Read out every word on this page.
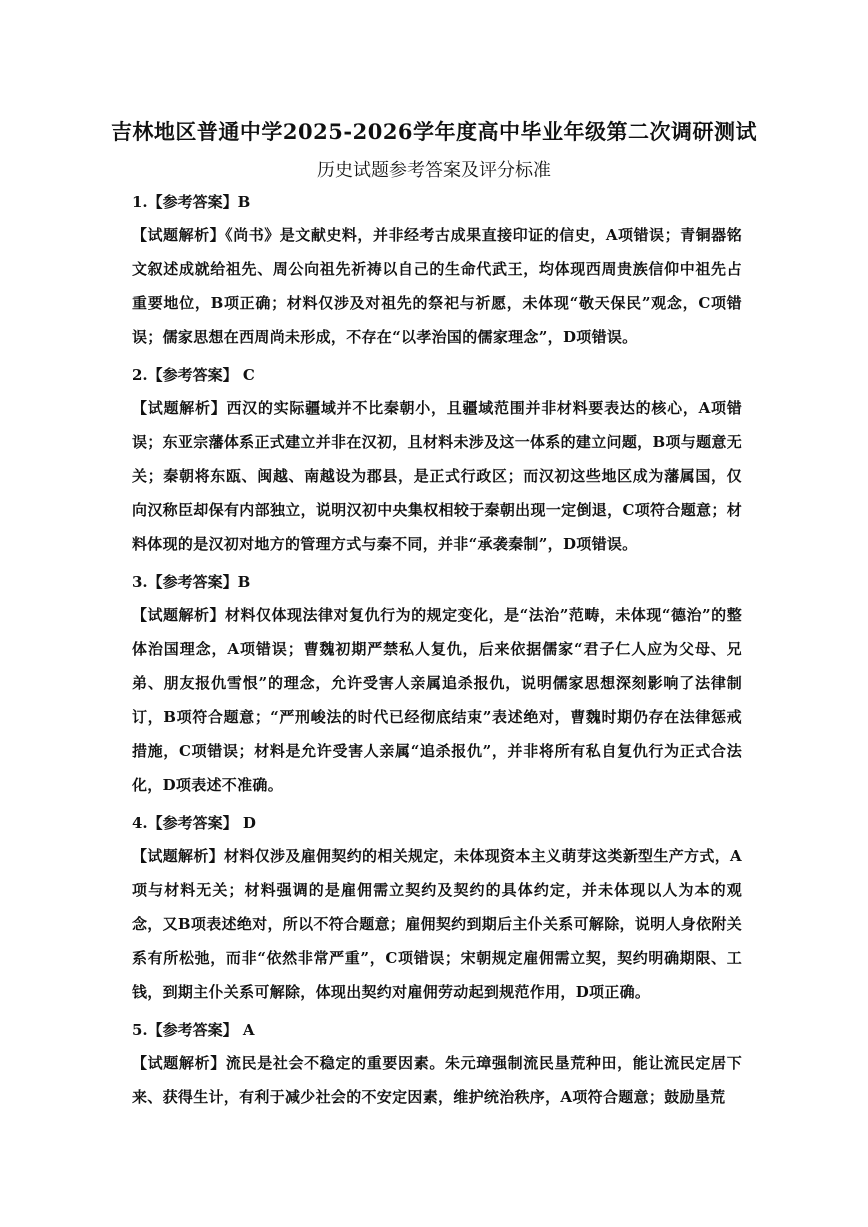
吉林地区普通中学2025-2026学年度高中毕业年级第二次调研测试
历史试题参考答案及评分标准
1.【参考答案】B
【试题解析】《尚书》是文献史料，并非经考古成果直接印证的信史，A项错误；青铜器铭文叙述成就给祖先、周公向祖先祈祷以自己的生命代武王，均体现西周贵族信仰中祖先占重要地位，B项正确；材料仅涉及对祖先的祭祀与祈愿，未体现“敬天保民”观念，C项错误；儒家思想在西周尚未形成，不存在“以孝治国的儒家理念”，D项错误。
2.【参考答案】 C
【试题解析】西汉的实际疆域并不比秦朝小，且疆域范围并非材料要表达的核心，A项错误；东亚宗藩体系正式建立并非在汉初，且材料未涉及这一体系的建立问题，B项与题意无关；秦朝将东瓯、闽越、南越设为郡县，是正式行政区；而汉初这些地区成为藩属国，仅向汉称臣却保有内部独立，说明汉初中央集权相较于秦朝出现一定倒退，C项符合题意；材料体现的是汉初对地方的管理方式与秦不同，并非“承袭秦制”，D项错误。
3.【参考答案】B
【试题解析】材料仅体现法律对复仇行为的规定变化，是“法治”范畴，未体现“德治”的整体治国理念，A项错误；曹魏初期严禁私人复仇，后来依据儒家“君子仁人应为父母、兄弟、朋友报仇雪恨”的理念，允许受害人亲属追杀报仇，说明儒家思想深刻影响了法律制订，B项符合题意；“严刑峻法的时代已经彻底结束”表述绝对，曹魏时期仍存在法律惩戒措施，C项错误；材料是允许受害人亲属“追杀报仇”，并非将所有私自复仇行为正式合法化，D项表述不准确。
4.【参考答案】 D
【试题解析】材料仅涉及雇佣契约的相关规定，未体现资本主义萌芽这类新型生产方式，A项与材料无关；材料强调的是雇佣需立契约及契约的具体约定，并未体现以人为本的观念，又B项表述绝对，所以不符合题意；雇佣契约到期后主仆关系可解除，说明人身依附关系有所松弛，而非“依然非常严重”，C项错误；宋朝规定雇佣需立契，契约明确期限、工钱，到期主仆关系可解除，体现出契约对雇佣劳动起到规范作用，D项正确。
5.【参考答案】 A
【试题解析】流民是社会不稳定的重要因素。朱元璋强制流民垦荒种田，能让流民定居下来、获得生计，有利于减少社会的不安定因素，维护统治秩序，A项符合题意；鼓励垦荒
